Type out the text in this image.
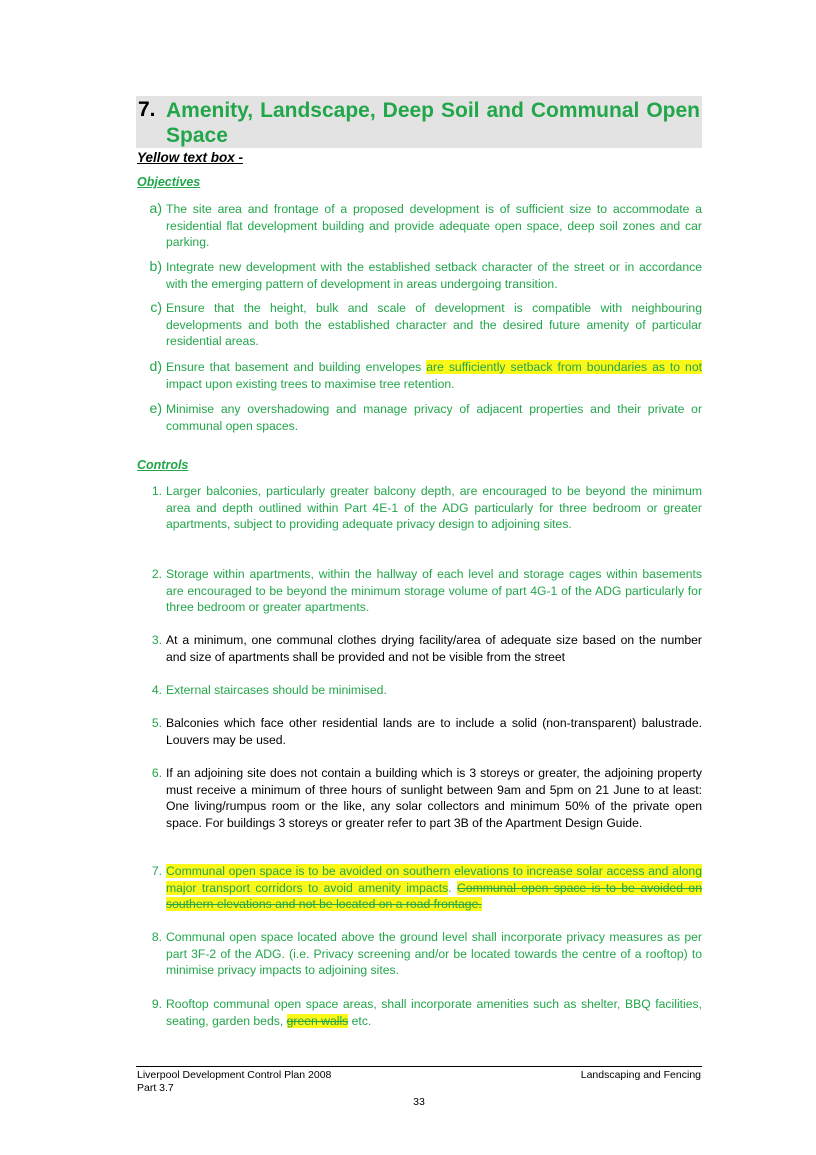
7. Amenity, Landscape, Deep Soil and Communal Open Space
Yellow text box -
Objectives
a) The site area and frontage of a proposed development is of sufficient size to accommodate a residential flat development building and provide adequate open space, deep soil zones and car parking.
b) Integrate new development with the established setback character of the street or in accordance with the emerging pattern of development in areas undergoing transition.
c) Ensure that the height, bulk and scale of development is compatible with neighbouring developments and both the established character and the desired future amenity of particular residential areas.
d) Ensure that basement and building envelopes are sufficiently setback from boundaries as to not impact upon existing trees to maximise tree retention.
e) Minimise any overshadowing and manage privacy of adjacent properties and their private or communal open spaces.
Controls
1. Larger balconies, particularly greater balcony depth, are encouraged to be beyond the minimum area and depth outlined within Part 4E-1 of the ADG particularly for three bedroom or greater apartments, subject to providing adequate privacy design to adjoining sites.
2. Storage within apartments, within the hallway of each level and storage cages within basements are encouraged to be beyond the minimum storage volume of part 4G-1 of the ADG particularly for three bedroom or greater apartments.
3. At a minimum, one communal clothes drying facility/area of adequate size based on the number and size of apartments shall be provided and not be visible from the street
4. External staircases should be minimised.
5. Balconies which face other residential lands are to include a solid (non-transparent) balustrade. Louvers may be used.
6. If an adjoining site does not contain a building which is 3 storeys or greater, the adjoining property must receive a minimum of three hours of sunlight between 9am and 5pm on 21 June to at least: One living/rumpus room or the like, any solar collectors and minimum 50% of the private open space. For buildings 3 storeys or greater refer to part 3B of the Apartment Design Guide.
7. Communal open space is to be avoided on southern elevations to increase solar access and along major transport corridors to avoid amenity impacts. Communal open space is to be avoided on southern elevations and not be located on a road frontage.
8. Communal open space located above the ground level shall incorporate privacy measures as per part 3F-2 of the ADG. (i.e. Privacy screening and/or be located towards the centre of a rooftop) to minimise privacy impacts to adjoining sites.
9. Rooftop communal open space areas, shall incorporate amenities such as shelter, BBQ facilities, seating, garden beds, green walls etc.
Liverpool Development Control Plan 2008
Part 3.7
Landscaping and Fencing
33
